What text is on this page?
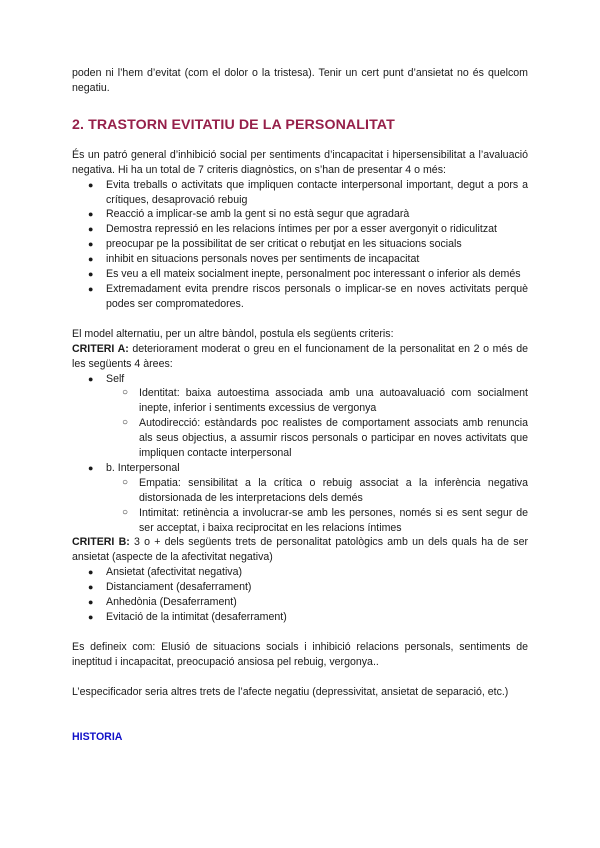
poden ni l’hem d’evitat (com el dolor o la tristesa). Tenir un cert punt d’ansietat no és quelcom negatiu.

2. TRASTORN EVITATIU DE LA PERSONALITAT

És un patró general d’inhibició social per sentiments d’incapacitat i hipersensibilitat a l’avaluació negativa. Hi ha un total de 7 criteris diagnòstics, on s’han de presentar 4 o més:

● Evita treballs o activitats que impliquen contacte interpersonal important, degut a pors a crítiques, desaprovació rebuig
● Reacció a implicar-se amb la gent si no està segur que agradarà
● Demostra repressió en les relacions íntimes per por a esser avergonyit o ridiculitzat
● preocupar pe la possibilitat de ser criticat o rebutjat en les situacions socials
● inhibit en situacions personals noves per sentiments de incapacitat
● Es veu a ell mateix socialment inepte, personalment poc interessant o inferior als demés
● Extremadament evita prendre riscos personals o implicar-se en noves activitats perquè podes ser compromatedores.

El model alternatiu, per un altre bàndol, postula els següents criteris:

CRITERI A: deteriorament moderat o greu en el funcionament de la personalitat en 2 o més de les següents 4 àrees:

● Self
○ Identitat: baixa autoestima associada amb una autoavaluació com socialment inepte, inferior i sentiments excessius de vergonya
○ Autodirecció: estàndards poc realistes de comportament associats amb renuncia als seus objectius, a assumir riscos personals o participar en noves activitats que impliquen contacte interpersonal
● b. Interpersonal
○ Empatia: sensibilitat a la crítica o rebuig associat a la inferència negativa distorsionada de les interpretacions dels demés
○ Intimitat: retinència a involucrar-se amb les persones, només si es sent segur de ser acceptat, i baixa reciprocitat en les relacions íntimes

CRITERI B: 3 o + dels següents trets de personalitat patològics amb un dels quals ha de ser ansietat (aspecte de la afectivitat negativa)

● Ansietat (afectivitat negativa)
● Distanciament (desaferrament)
● Anhedònia (Desaferrament)
● Evitació de la intimitat (desaferrament)

Es defineix com: Elusió de situacions socials i inhibició relacions personals, sentiments de ineptitud i incapacitat, preocupació ansiosa pel rebuig, vergonya..

L’especificador seria altres trets de l’afecte negatiu (depressivitat, ansietat de separació, etc.)

HISTORIA
